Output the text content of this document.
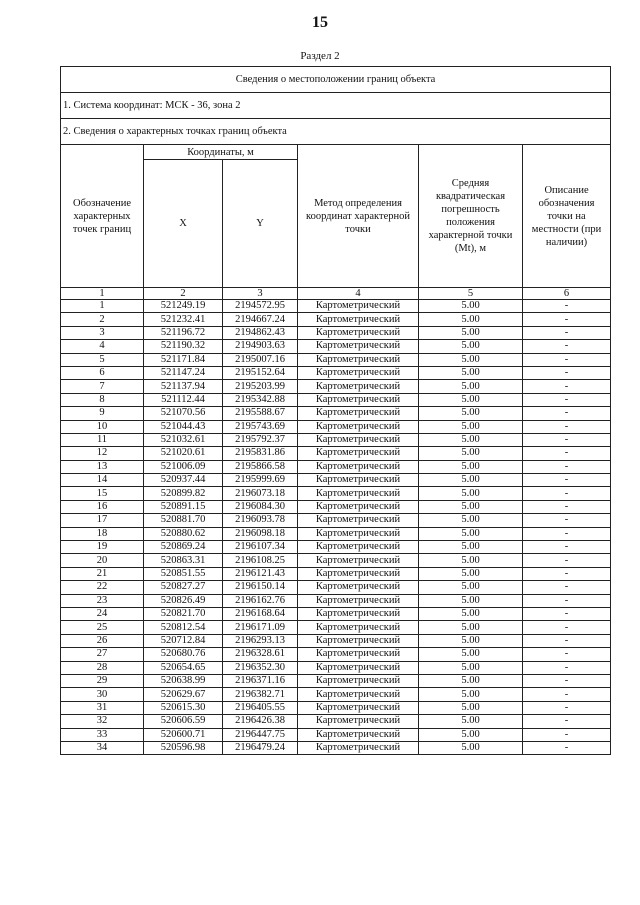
15
Раздел 2
Сведения о местоположении границ объекта					
1. Система координат: МСК - 36, зона 2					
2. Сведения о характерных точках границ объекта					
Обозначение характерных точек границ	Координаты, м		Метод определения координат характерной точки	Средняя квадратическая погрешность положения характерной точки (Mt), м	Описание обозначения точки на местности (при наличии)
	X	Y			
1	2	3	4	5	6
1	521249.19	2194572.95	Картометрический	5.00	-
2	521232.41	2194667.24	Картометрический	5.00	-
3	521196.72	2194862.43	Картометрический	5.00	-
4	521190.32	2194903.63	Картометрический	5.00	-
5	521171.84	2195007.16	Картометрический	5.00	-
6	521147.24	2195152.64	Картометрический	5.00	-
7	521137.94	2195203.99	Картометрический	5.00	-
8	521112.44	2195342.88	Картометрический	5.00	-
9	521070.56	2195588.67	Картометрический	5.00	-
10	521044.43	2195743.69	Картометрический	5.00	-
11	521032.61	2195792.37	Картометрический	5.00	-
12	521020.61	2195831.86	Картометрический	5.00	-
13	521006.09	2195866.58	Картометрический	5.00	-
14	520937.44	2195999.69	Картометрический	5.00	-
15	520899.82	2196073.18	Картометрический	5.00	-
16	520891.15	2196084.30	Картометрический	5.00	-
17	520881.70	2196093.78	Картометрический	5.00	-
18	520880.62	2196098.18	Картометрический	5.00	-
19	520869.24	2196107.34	Картометрический	5.00	-
20	520863.31	2196108.25	Картометрический	5.00	-
21	520851.55	2196121.43	Картометрический	5.00	-
22	520827.27	2196150.14	Картометрический	5.00	-
23	520826.49	2196162.76	Картометрический	5.00	-
24	520821.70	2196168.64	Картометрический	5.00	-
25	520812.54	2196171.09	Картометрический	5.00	-
26	520712.84	2196293.13	Картометрический	5.00	-
27	520680.76	2196328.61	Картометрический	5.00	-
28	520654.65	2196352.30	Картометрический	5.00	-
29	520638.99	2196371.16	Картометрический	5.00	-
30	520629.67	2196382.71	Картометрический	5.00	-
31	520615.30	2196405.55	Картометрический	5.00	-
32	520606.59	2196426.38	Картометрический	5.00	-
33	520600.71	2196447.75	Картометрический	5.00	-
34	520596.98	2196479.24	Картометрический	5.00	-
